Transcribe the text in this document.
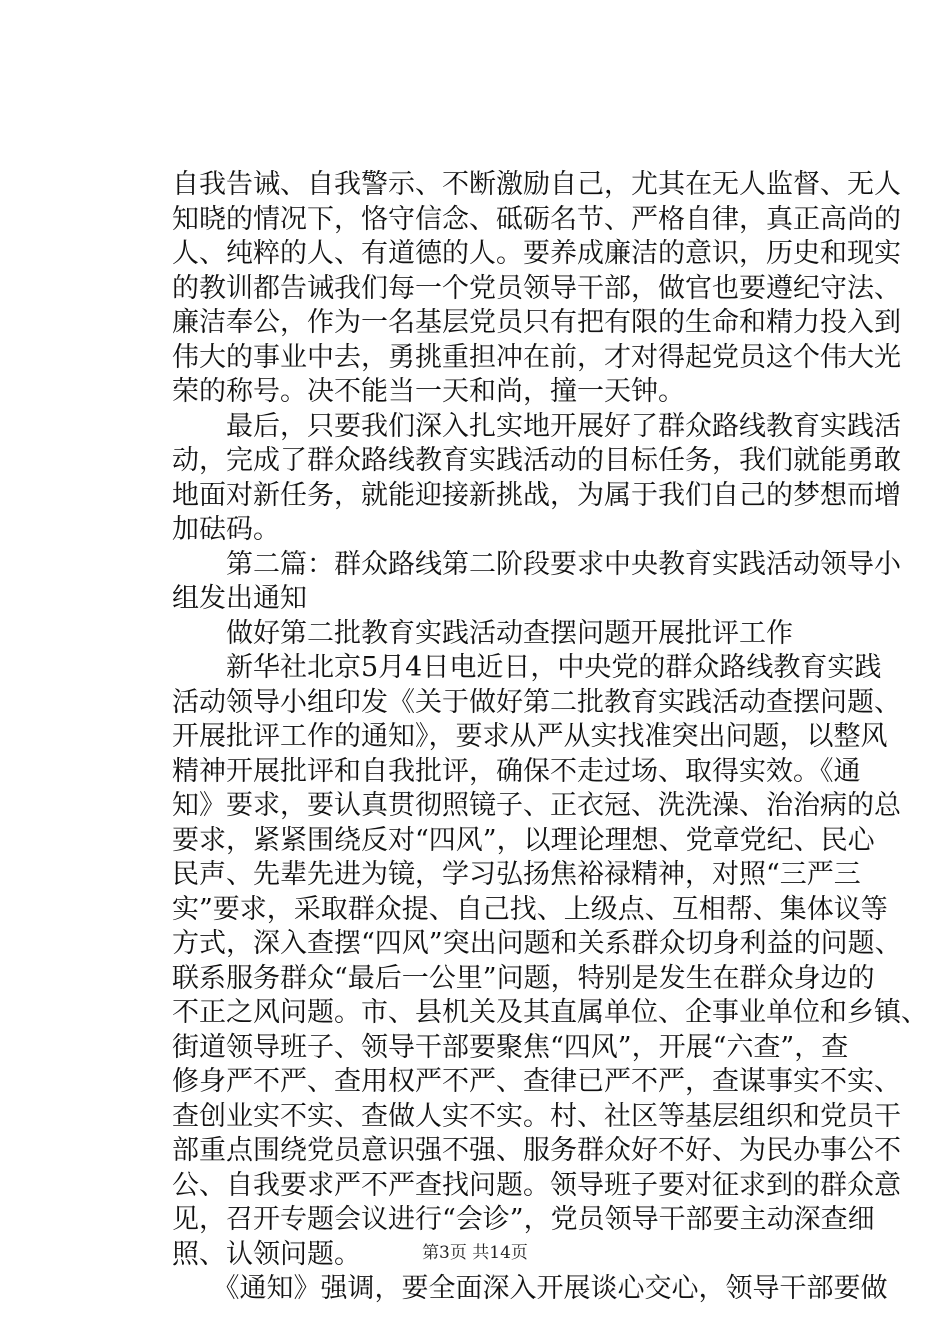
自我告诫、自我警示、不断激励自己，尤其在无人监督、无人
知晓的情况下，恪守信念、砥砺名节、严格自律，真正高尚的
人、纯粹的人、有道德的人。要养成廉洁的意识，历史和现实
的教训都告诫我们每一个党员领导干部，做官也要遵纪守法、
廉洁奉公，作为一名基层党员只有把有限的生命和精力投入到
伟大的事业中去，勇挑重担冲在前，才对得起党员这个伟大光
荣的称号。决不能当一天和尚，撞一天钟。
　　最后，只要我们深入扎实地开展好了群众路线教育实践活
动，完成了群众路线教育实践活动的目标任务，我们就能勇敢
地面对新任务，就能迎接新挑战，为属于我们自己的梦想而增
加砝码。
　　第二篇：群众路线第二阶段要求中央教育实践活动领导小
组发出通知
　　做好第二批教育实践活动查摆问题开展批评工作
　　新华社北京5月4日电近日，中央党的群众路线教育实践
活动领导小组印发《关于做好第二批教育实践活动查摆问题、
开展批评工作的通知》，要求从严从实找准突出问题，以整风
精神开展批评和自我批评，确保不走过场、取得实效。《通
知》要求，要认真贯彻照镜子、正衣冠、洗洗澡、治治病的总
要求，紧紧围绕反对“四风”，以理论理想、党章党纪、民心
民声、先辈先进为镜，学习弘扬焦裕禄精神，对照“三严三
实”要求，采取群众提、自己找、上级点、互相帮、集体议等
方式，深入查摆“四风”突出问题和关系群众切身利益的问题、
联系服务群众“最后一公里”问题，特别是发生在群众身边的
不正之风问题。市、县机关及其直属单位、企事业单位和乡镇、
街道领导班子、领导干部要聚焦“四风”，开展“六查”，查
修身严不严、查用权严不严、查律已严不严，查谋事实不实、
查创业实不实、查做人实不实。村、社区等基层组织和党员干
部重点围绕党员意识强不强、服务群众好不好、为民办事公不
公、自我要求严不严查找问题。领导班子要对征求到的群众意
见，召开专题会议进行“会诊”，党员领导干部要主动深查细
照、认领问题。
　　《通知》强调，要全面深入开展谈心交心，领导干部要做
第3页 共14页
